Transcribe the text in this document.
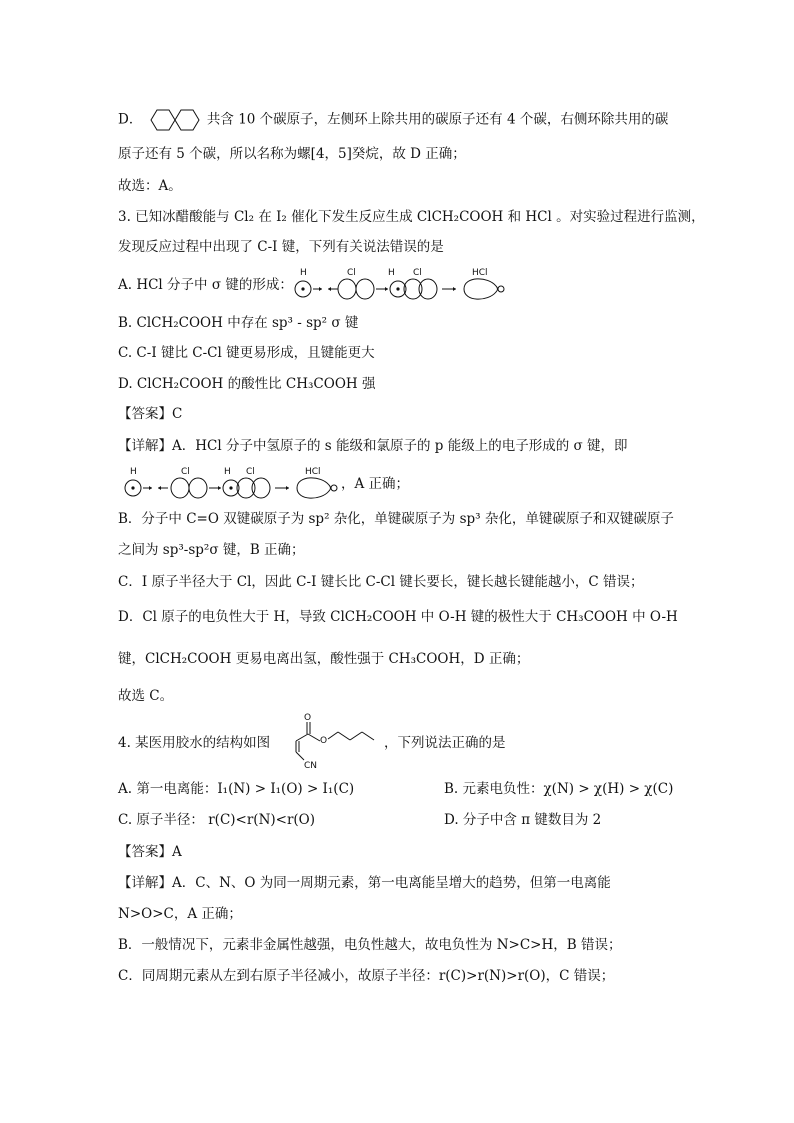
D．	共含 10 个碳原子，左侧环上除共用的碳原子还有 4 个碳，右侧环除共用的碳
原子还有 5 个碳，所以名称为螺[4，5]癸烷，故 D 正确；
故选：A。
3. 已知冰醋酸能与 Cl₂ 在 I₂ 催化下发生反应生成 ClCH₂COOH 和 HCl 。对实验过程进行监测，
发现反应过程中出现了 C-I 键，下列有关说法错误的是
A. HCl 分子中 σ 键的形成：
H	Cl	H Cl	HCl
B. ClCH₂COOH 中存在 sp³ - sp² σ 键
C. C-I 键比 C-Cl 键更易形成，且键能更大
D. ClCH₂COOH 的酸性比 CH₃COOH 强
【答案】C
【详解】A．HCl 分子中氢原子的 s 能级和氯原子的 p 能级上的电子形成的 σ 键，即
H	Cl	H Cl	HCl
，A 正确；
B．分子中 C=O 双键碳原子为 sp² 杂化，单键碳原子为 sp³ 杂化，单键碳原子和双键碳原子
之间为 sp³-sp²σ 键，B 正确；
C．I 原子半径大于 Cl，因此 C-I 键长比 C-Cl 键长要长，键长越长键能越小，C 错误；
D．Cl 原子的电负性大于 H，导致 ClCH₂COOH 中 O-H 键的极性大于 CH₃COOH 中 O-H
键，ClCH₂COOH 更易电离出氢，酸性强于 CH₃COOH，D 正确；
故选 C。
4. 某医用胶水的结构如图
O
CN
O	，下列说法正确的是
A. 第一电离能：I₁(N) > I₁(O) > I₁(C)	B. 元素电负性：χ(N) > χ(H) > χ(C)
C. 原子半径： r(C)<r(N)<r(O)	D. 分子中含 π 键数目为 2
【答案】A
【详解】A．C、N、O 为同一周期元素，第一电离能呈增大的趋势，但第一电离能
N>O>C，A 正确；
B．一般情况下，元素非金属性越强，电负性越大，故电负性为 N>C>H，B 错误；
C．同周期元素从左到右原子半径减小，故原子半径：r(C)>r(N)>r(O)，C 错误；
